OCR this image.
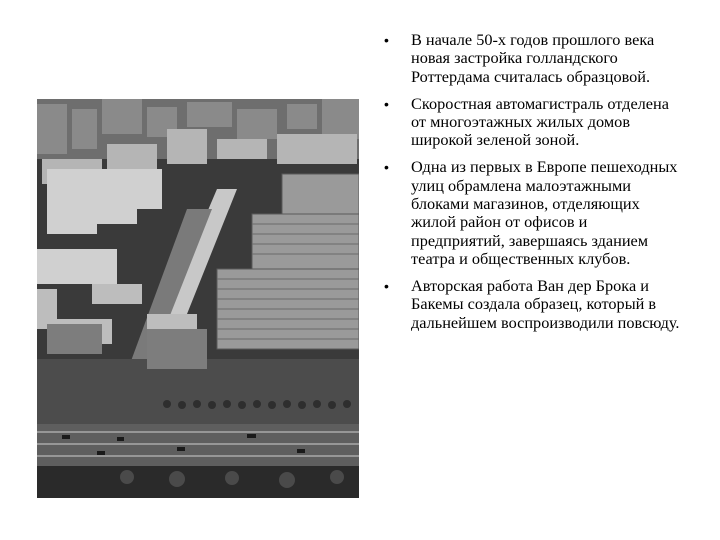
• В начале 50-х годов прошлого века новая застройка голландского Роттердама считалась образцовой.
• Скоростная автомагистраль отделена от многоэтажных жилых домов широкой зеленой зоной.
• Одна из первых в Европе пешеходных улиц обрамлена малоэтажными блоками магазинов, отделяющих жилой район от офисов и предприятий, завершаясь зданием театра и общественных клубов.
• Авторская работа Ван дер Брока и Бакемы создала образец, который в дальнейшем воспроизводили повсюду.
